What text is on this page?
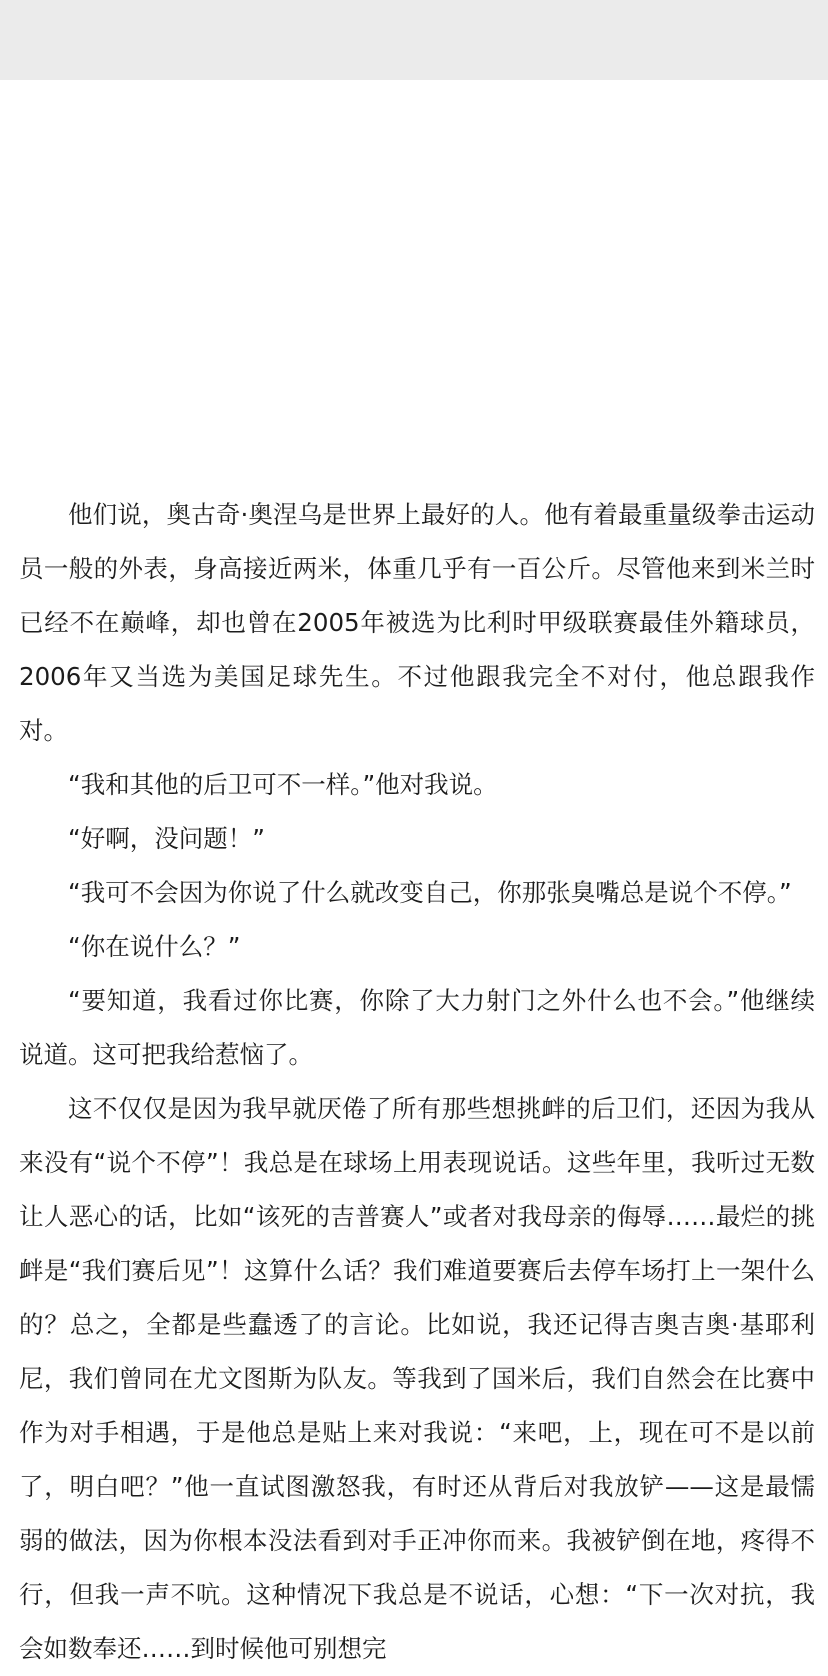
他们说，奥古奇·奥涅乌是世界上最好的人。他有着最重量级拳击运动员一般的外表，身高接近两米，体重几乎有一百公斤。尽管他来到米兰时已经不在巅峰，却也曾在2005年被选为比利时甲级联赛最佳外籍球员，2006年又当选为美国足球先生。不过他跟我完全不对付，他总跟我作对。

“我和其他的后卫可不一样。”他对我说。

“好啊，没问题！”

“我可不会因为你说了什么就改变自己，你那张臭嘴总是说个不停。”

“你在说什么？”

“要知道，我看过你比赛，你除了大力射门之外什么也不会。”他继续说道。这可把我给惹恼了。

这不仅仅是因为我早就厌倦了所有那些想挑衅的后卫们，还因为我从来没有“说个不停”！我总是在球场上用表现说话。这些年里，我听过无数让人恶心的话，比如“该死的吉普赛人”或者对我母亲的侮辱……最烂的挑衅是“我们赛后见”！这算什么话？我们难道要赛后去停车场打上一架什么的？总之，全都是些蠢透了的言论。比如说，我还记得吉奥吉奥·基耶利尼，我们曾同在尤文图斯为队友。等我到了国米后，我们自然会在比赛中作为对手相遇，于是他总是贴上来对我说：“来吧，上，现在可不是以前了，明白吧？”他一直试图激怒我，有时还从背后对我放铲——这是最懦弱的做法，因为你根本没法看到对手正冲你而来。我被铲倒在地，疼得不行，但我一声不吭。这种情况下我总是不说话，心想：“下一次对抗，我会如数奉还……到时候他可别想完
